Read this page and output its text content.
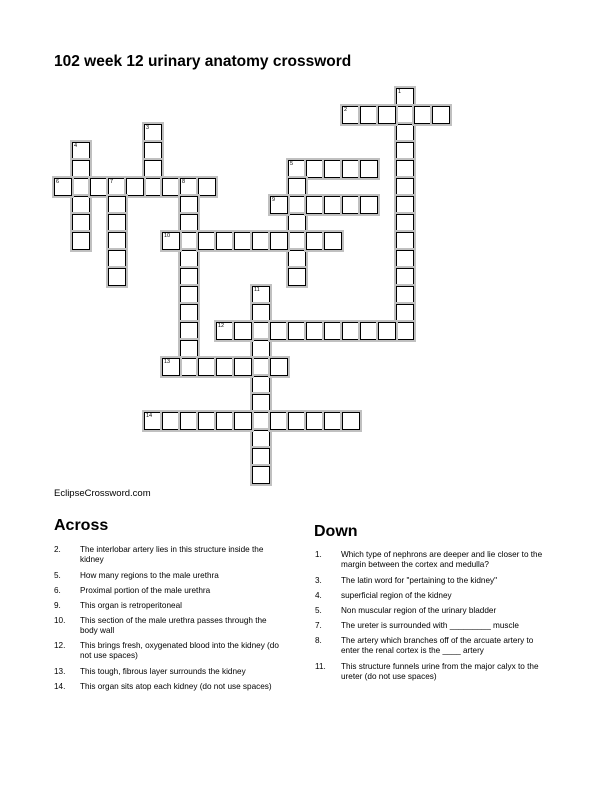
102 week 12 urinary anatomy crossword
1
2
3
4
5
6	7	8
9
10
11
12
13
14
EclipseCrossword.com
Across	Down
2. The interlobar artery lies in this structure inside the kidney
5. How many regions to the male urethra
6. Proximal portion of the male urethra
9. This organ is retroperitoneal
10. This section of the male urethra passes through the body wall
12. This brings fresh, oxygenated blood into the kidney (do not use spaces)
13. This tough, fibrous layer surrounds the kidney
14. This organ sits atop each kidney (do not use spaces)
1. Which type of nephrons are deeper and lie closer to the margin between the cortex and medulla?
3. The latin word for "pertaining to the kidney"
4. superficial region of the kidney
5. Non muscular region of the urinary bladder
7. The ureter is surrounded with _________ muscle
8. The artery which branches off of the arcuate artery to enter the renal cortex is the ____ artery
11. This structure funnels urine from the major calyx to the ureter (do not use spaces)
